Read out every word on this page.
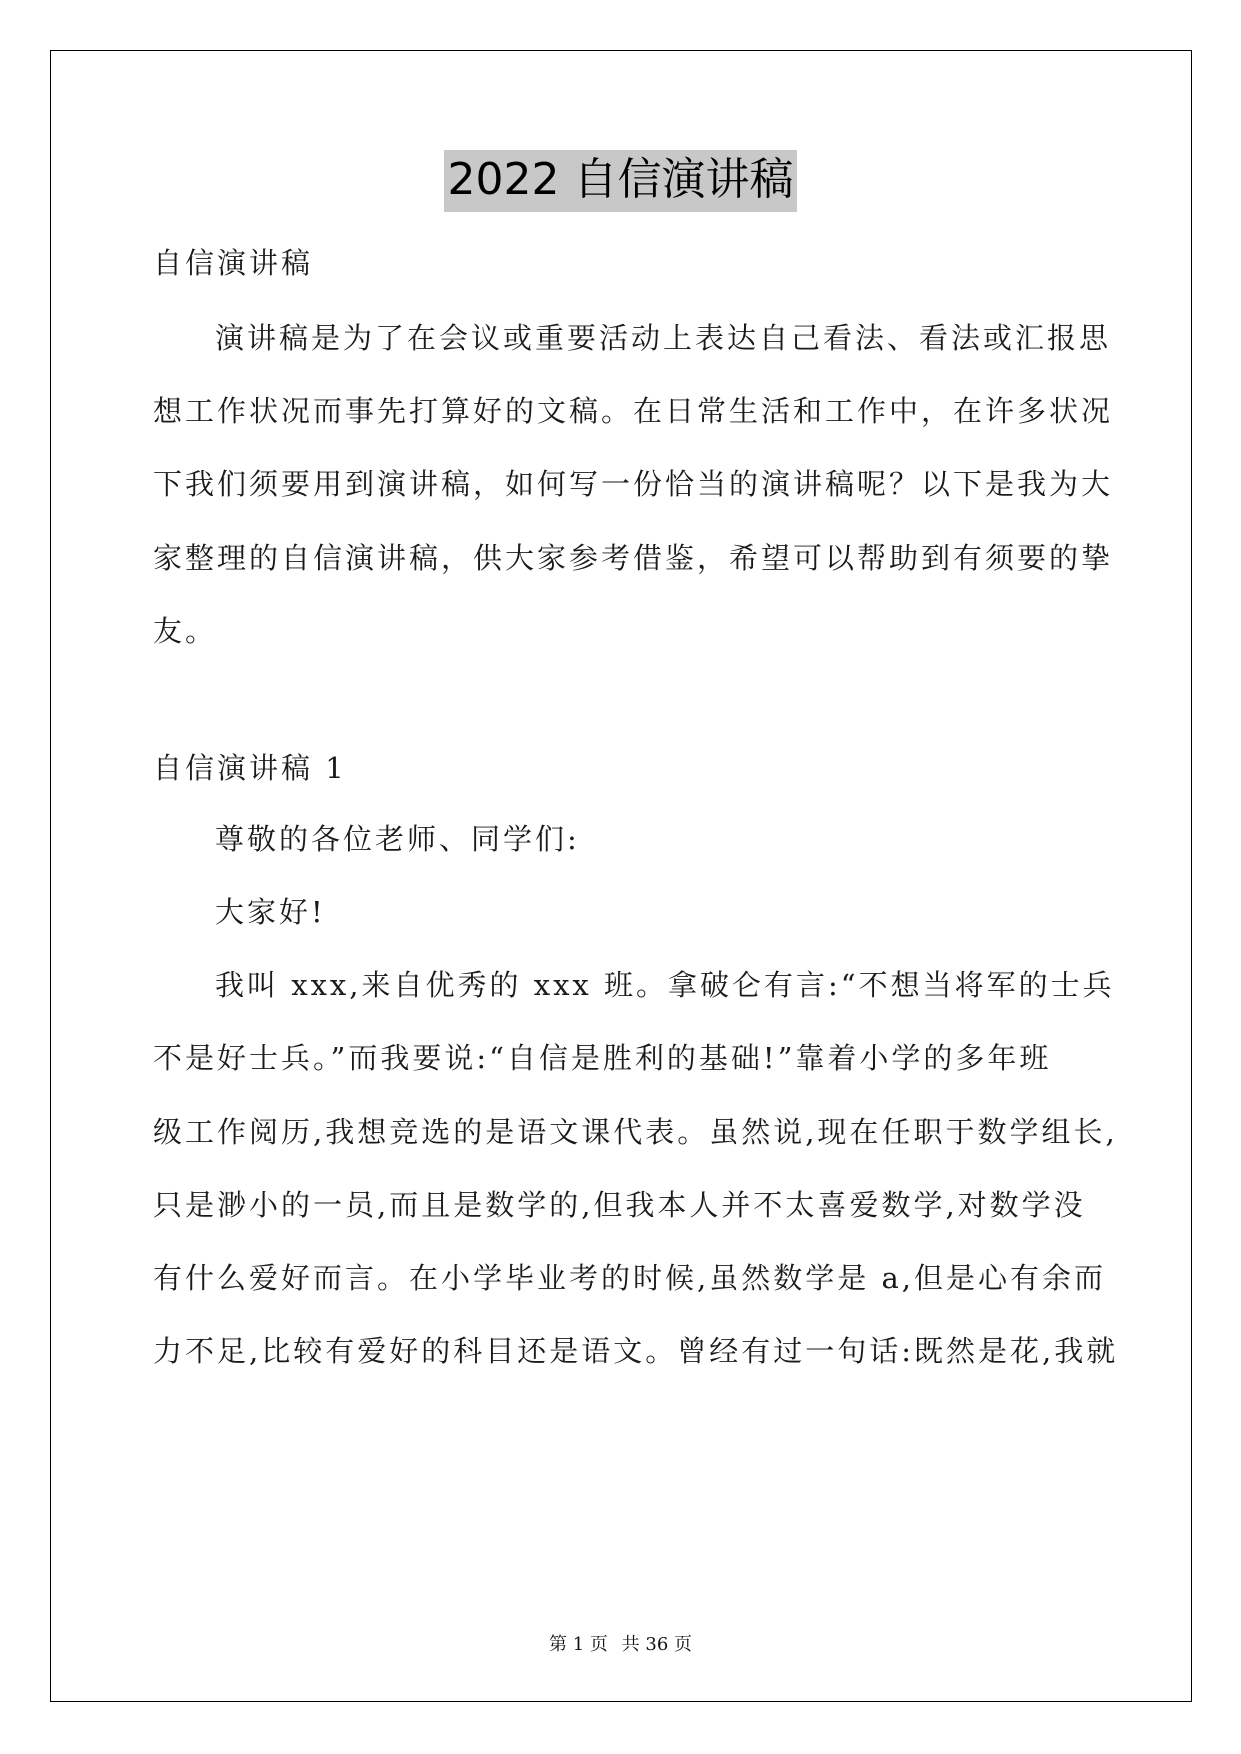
2022 自信演讲稿
自信演讲稿
演讲稿是为了在会议或重要活动上表达自己看法、看法或汇报思
想工作状况而事先打算好的文稿。在日常生活和工作中，在许多状况
下我们须要用到演讲稿，如何写一份恰当的演讲稿呢？以下是我为大
家整理的自信演讲稿，供大家参考借鉴，希望可以帮助到有须要的挚
友。
自信演讲稿 1
尊敬的各位老师、同学们:
大家好!
我叫 xxx,来自优秀的 xxx 班。拿破仑有言:“不想当将军的士兵
不是好士兵。”而我要说:“自信是胜利的基础!”靠着小学的多年班
级工作阅历,我想竞选的是语文课代表。虽然说,现在任职于数学组长,
只是渺小的一员,而且是数学的,但我本人并不太喜爱数学,对数学没
有什么爱好而言。在小学毕业考的时候,虽然数学是 a,但是心有余而
力不足,比较有爱好的科目还是语文。曾经有过一句话:既然是花,我就
第 1 页 共 36 页
